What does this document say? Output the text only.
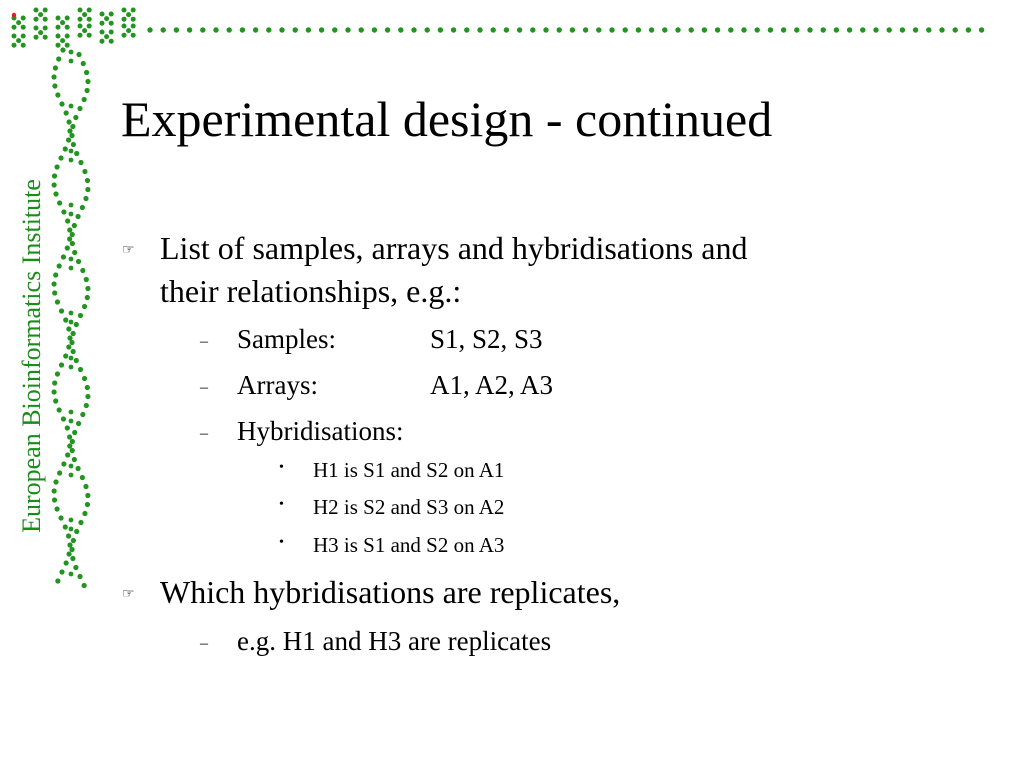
European Bioinformatics Institute
Experimental design - continued
☞ List of samples, arrays and hybridisations and
their relationships, e.g.:
– Samples:	S1, S2, S3
– Arrays:	A1, A2, A3
– Hybridisations:
• H1 is S1 and S2 on A1
• H2 is S2 and S3 on A2
• H3 is S1 and S2 on A3
☞ Which hybridisations are replicates,
– e.g. H1 and H3 are replicates
